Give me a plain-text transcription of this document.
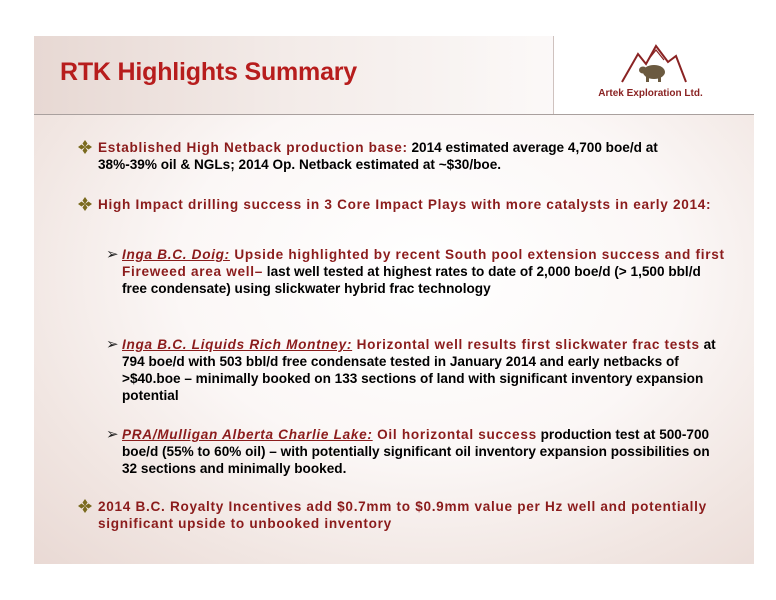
RTK Highlights Summary
Artek Exploration Ltd.
Established High Netback production base: 2014 estimated average 4,700 boe/d at 38%-39% oil & NGLs; 2014 Op. Netback estimated at ~$30/boe.
High Impact drilling success in 3 Core Impact Plays with more catalysts in early 2014:
➢ Inga B.C. Doig: Upside highlighted by recent South pool extension success and first Fireweed area well– last well tested at highest rates to date of 2,000 boe/d (> 1,500 bbl/d free condensate) using slickwater hybrid frac technology
➢ Inga B.C. Liquids Rich Montney: Horizontal well results first slickwater frac tests at 794 boe/d with 503 bbl/d free condensate tested in January 2014 and early netbacks of >$40.boe – minimally booked on 133 sections of land with significant inventory expansion potential
➢ PRA/Mulligan Alberta Charlie Lake: Oil horizontal success production test at 500-700 boe/d (55% to 60% oil) – with potentially significant oil inventory expansion possibilities on 32 sections and minimally booked.
2014 B.C. Royalty Incentives add $0.7mm to $0.9mm value per Hz well and potentially significant upside to unbooked inventory
